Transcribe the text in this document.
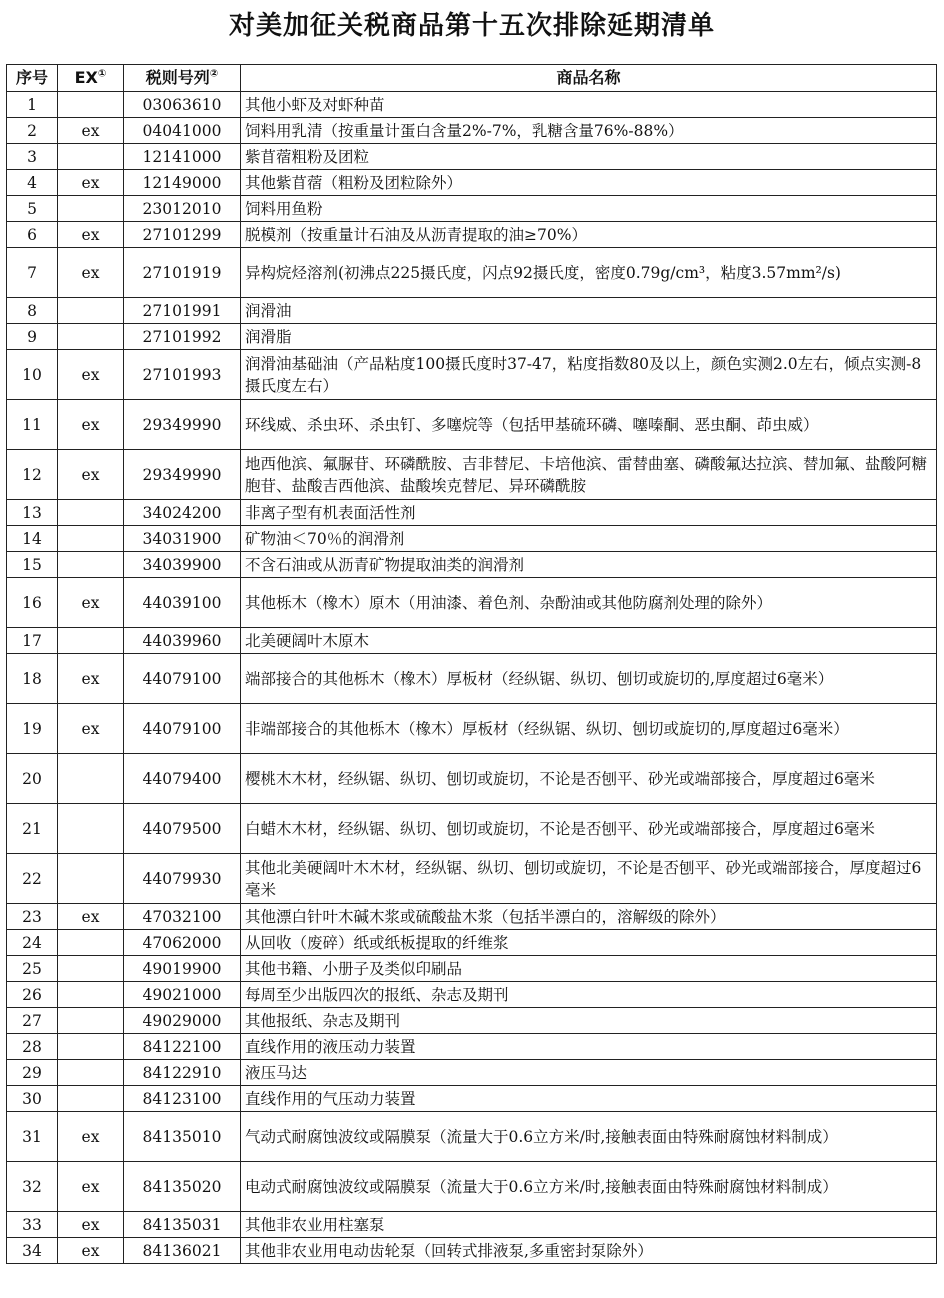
对美加征关税商品第十五次排除延期清单
序号	EX①	税则号列②	商品名称
1		03063610	其他小虾及对虾种苗
2	ex	04041000	饲料用乳清（按重量计蛋白含量2%-7%，乳糖含量76%-88%）
3		12141000	紫苜蓿粗粉及团粒
4	ex	12149000	其他紫苜蓿（粗粉及团粒除外）
5		23012010	饲料用鱼粉
6	ex	27101299	脱模剂（按重量计石油及从沥青提取的油≥70%）
7	ex	27101919	异构烷烃溶剂(初沸点225摄氏度，闪点92摄氏度，密度0.79g/cm³，粘度3.57mm²/s)
8		27101991	润滑油
9		27101992	润滑脂
10	ex	27101993	润滑油基础油（产品粘度100摄氏度时37-47，粘度指数80及以上，颜色实测2.0左右，倾点实测-8摄氏度左右）
11	ex	29349990	环线威、杀虫环、杀虫钉、多噻烷等（包括甲基硫环磷、噻嗪酮、恶虫酮、茚虫威）
12	ex	29349990	地西他滨、氟脲苷、环磷酰胺、吉非替尼、卡培他滨、雷替曲塞、磷酸氟达拉滨、替加氟、盐酸阿糖胞苷、盐酸吉西他滨、盐酸埃克替尼、异环磷酰胺
13		34024200	非离子型有机表面活性剂
14		34031900	矿物油＜70％的润滑剂
15		34039900	不含石油或从沥青矿物提取油类的润滑剂
16	ex	44039100	其他栎木（橡木）原木（用油漆、着色剂、杂酚油或其他防腐剂处理的除外）
17		44039960	北美硬阔叶木原木
18	ex	44079100	端部接合的其他栎木（橡木）厚板材（经纵锯、纵切、刨切或旋切的,厚度超过6毫米）
19	ex	44079100	非端部接合的其他栎木（橡木）厚板材（经纵锯、纵切、刨切或旋切的,厚度超过6毫米）
20		44079400	樱桃木木材，经纵锯、纵切、刨切或旋切，不论是否刨平、砂光或端部接合，厚度超过6毫米
21		44079500	白蜡木木材，经纵锯、纵切、刨切或旋切，不论是否刨平、砂光或端部接合，厚度超过6毫米
22		44079930	其他北美硬阔叶木木材，经纵锯、纵切、刨切或旋切，不论是否刨平、砂光或端部接合，厚度超过6毫米
23	ex	47032100	其他漂白针叶木碱木浆或硫酸盐木浆（包括半漂白的，溶解级的除外）
24		47062000	从回收（废碎）纸或纸板提取的纤维浆
25		49019900	其他书籍、小册子及类似印刷品
26		49021000	每周至少出版四次的报纸、杂志及期刊
27		49029000	其他报纸、杂志及期刊
28		84122100	直线作用的液压动力装置
29		84122910	液压马达
30		84123100	直线作用的气压动力装置
31	ex	84135010	气动式耐腐蚀波纹或隔膜泵（流量大于0.6立方米/时,接触表面由特殊耐腐蚀材料制成）
32	ex	84135020	电动式耐腐蚀波纹或隔膜泵（流量大于0.6立方米/时,接触表面由特殊耐腐蚀材料制成）
33	ex	84135031	其他非农业用柱塞泵
34	ex	84136021	其他非农业用电动齿轮泵（回转式排液泵,多重密封泵除外）
